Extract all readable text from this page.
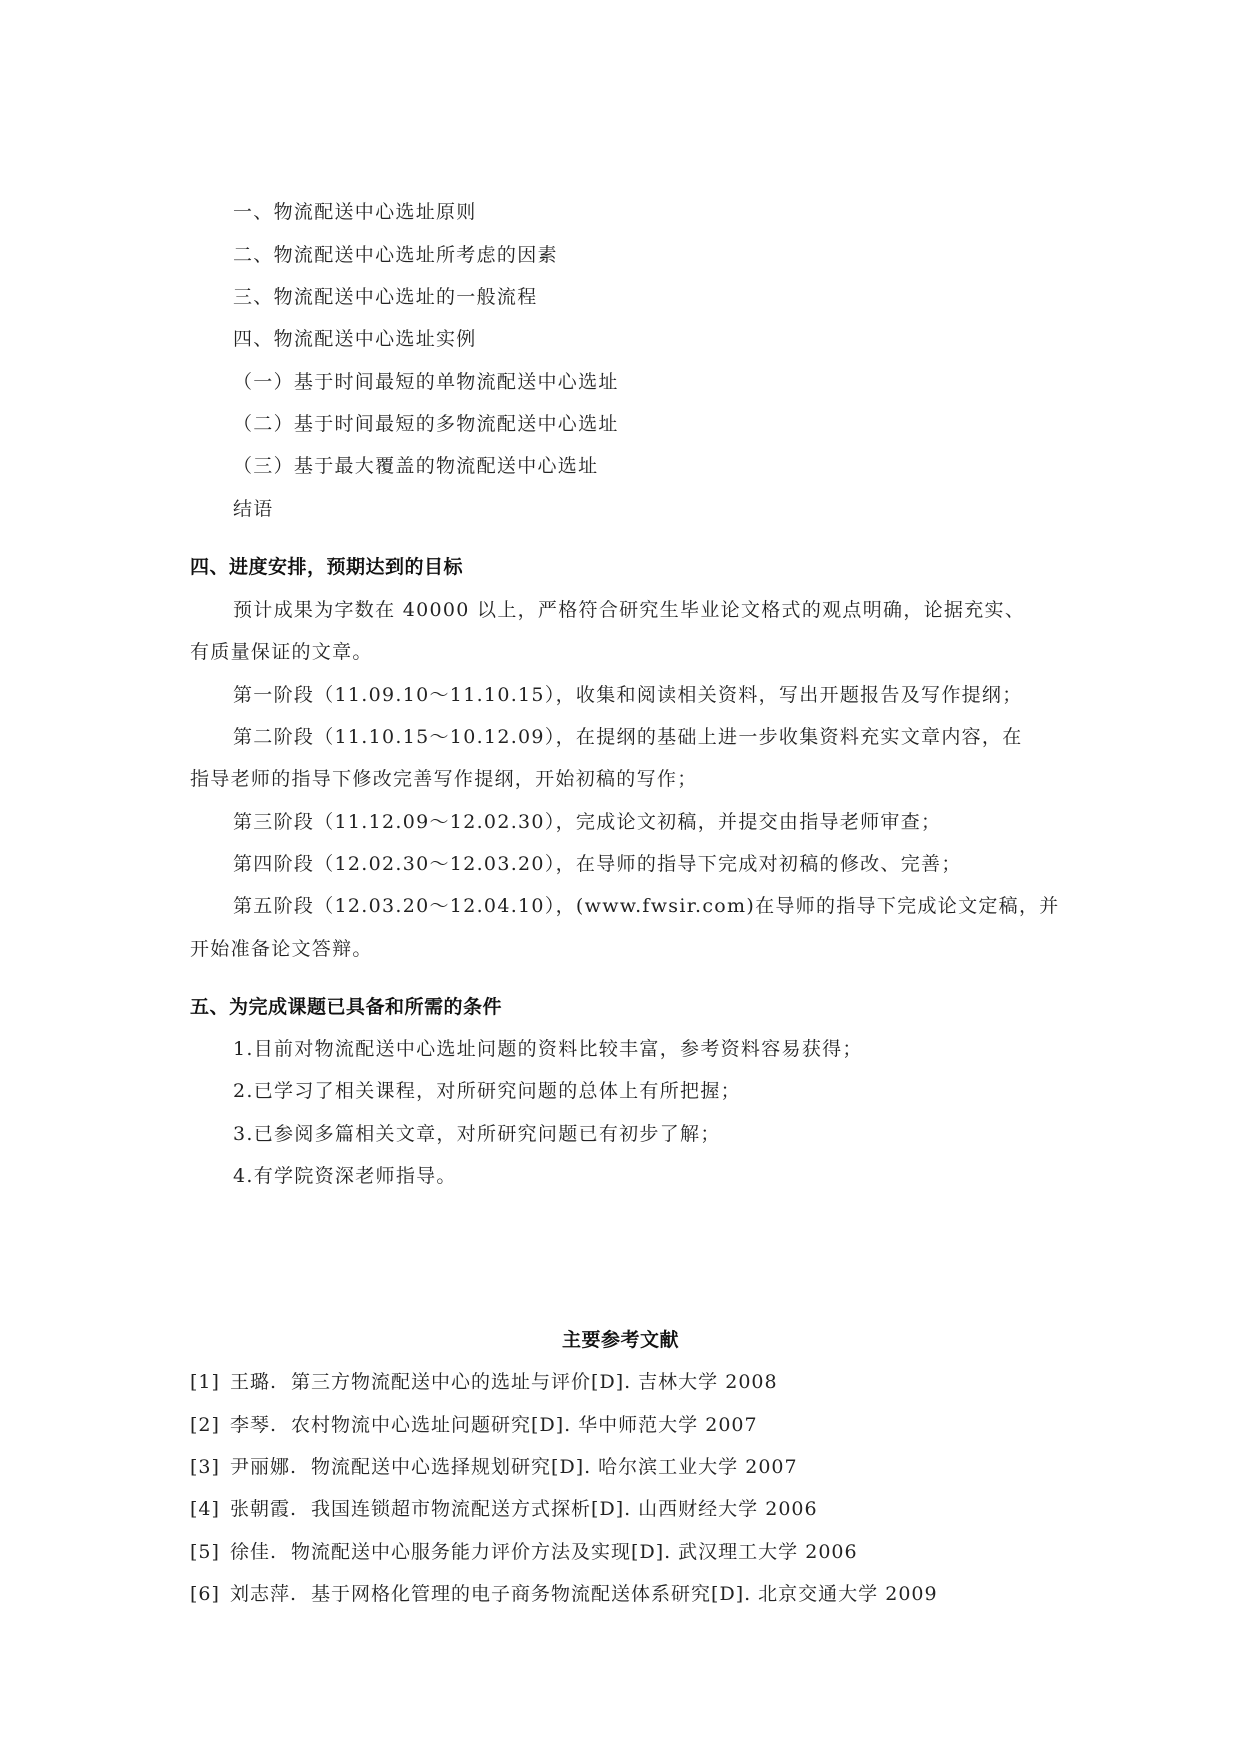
一、物流配送中心选址原则
二、物流配送中心选址所考虑的因素
三、物流配送中心选址的一般流程
四、物流配送中心选址实例
（一）基于时间最短的单物流配送中心选址
（二）基于时间最短的多物流配送中心选址
（三）基于最大覆盖的物流配送中心选址
结语
四、进度安排，预期达到的目标
预计成果为字数在 40000 以上，严格符合研究生毕业论文格式的观点明确，论据充实、
有质量保证的文章。
第一阶段（11.09.10～11.10.15），收集和阅读相关资料，写出开题报告及写作提纲；
第二阶段（11.10.15～10.12.09），在提纲的基础上进一步收集资料充实文章内容，在
指导老师的指导下修改完善写作提纲，开始初稿的写作；
第三阶段（11.12.09～12.02.30），完成论文初稿，并提交由指导老师审查；
第四阶段（12.02.30～12.03.20），在导师的指导下完成对初稿的修改、完善；
第五阶段（12.03.20～12.04.10），(www.fwsir.com)在导师的指导下完成论文定稿，并
开始准备论文答辩。
五、为完成课题已具备和所需的条件
1.目前对物流配送中心选址问题的资料比较丰富，参考资料容易获得；
2.已学习了相关课程，对所研究问题的总体上有所把握；
3.已参阅多篇相关文章，对所研究问题已有初步了解；
4.有学院资深老师指导。
主要参考文献
[1] 王璐. 第三方物流配送中心的选址与评价[D]. 吉林大学 2008
[2] 李琴. 农村物流中心选址问题研究[D]. 华中师范大学 2007
[3] 尹丽娜. 物流配送中心选择规划研究[D]. 哈尔滨工业大学 2007
[4] 张朝霞. 我国连锁超市物流配送方式探析[D]. 山西财经大学 2006
[5] 徐佳. 物流配送中心服务能力评价方法及实现[D]. 武汉理工大学 2006
[6] 刘志萍. 基于网格化管理的电子商务物流配送体系研究[D]. 北京交通大学 2009
